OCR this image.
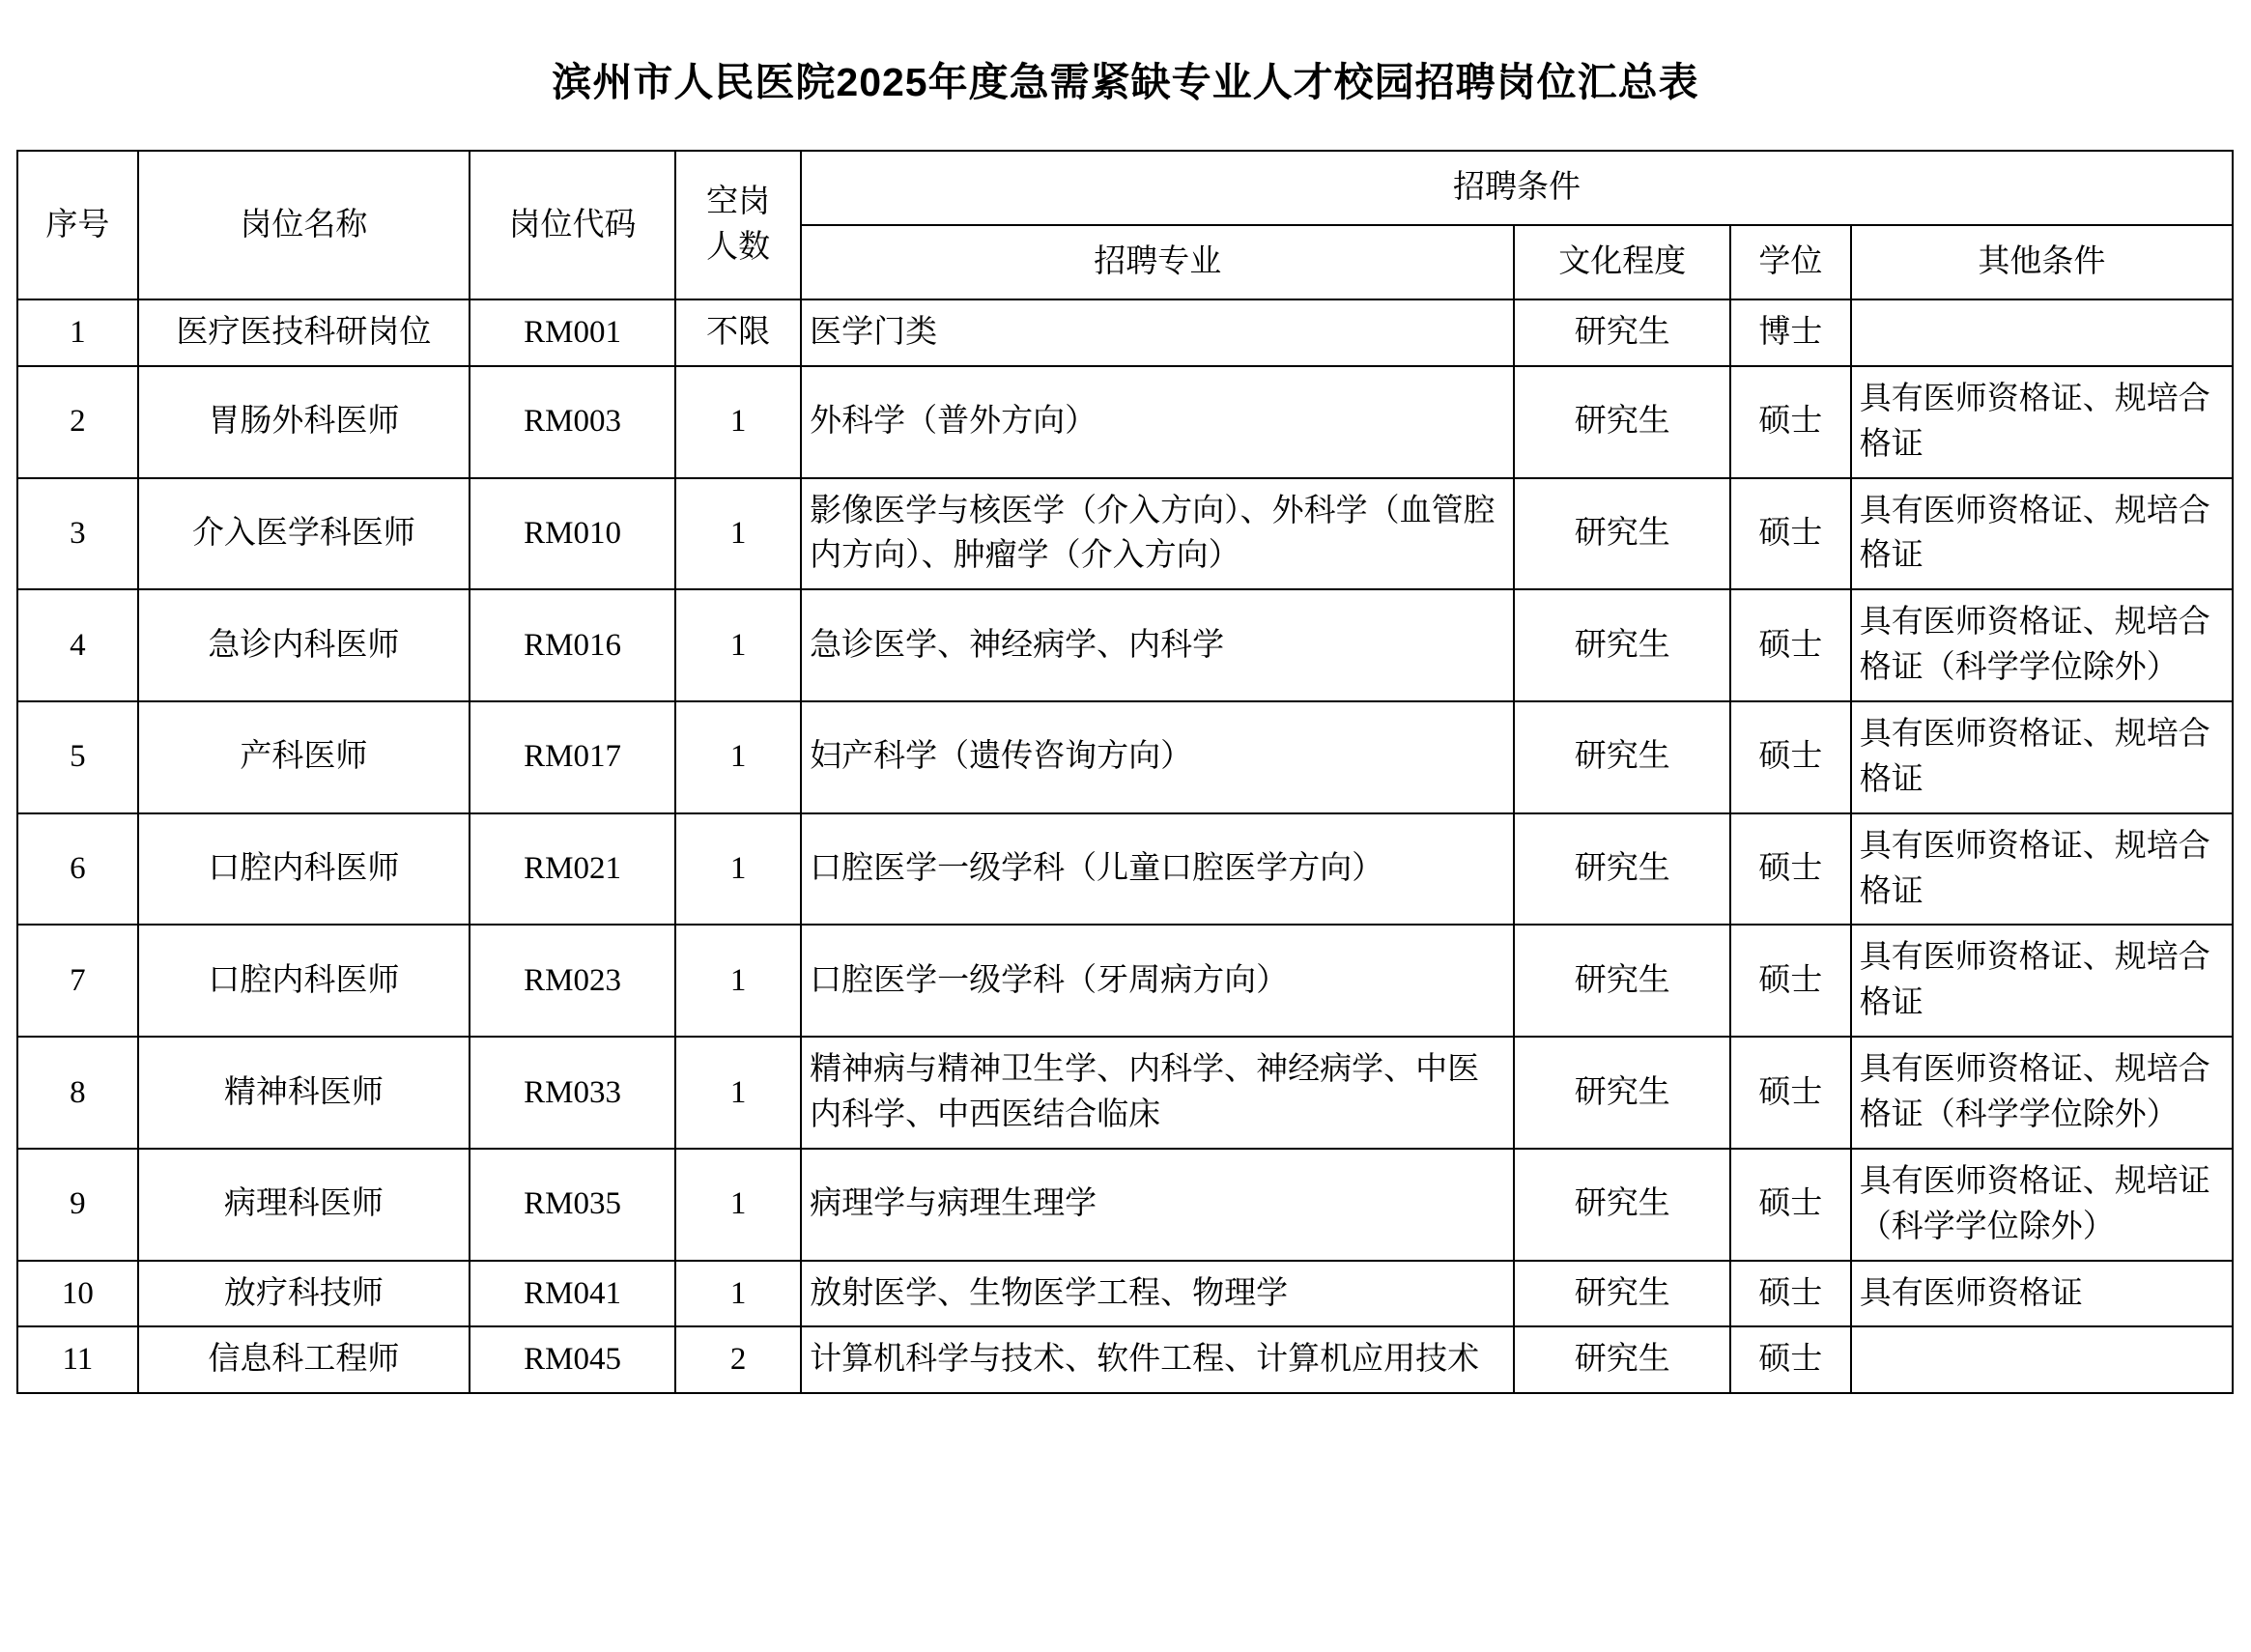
滨州市人民医院2025年度急需紧缺专业人才校园招聘岗位汇总表
序号	岗位名称	岗位代码	空岗
人数	招聘条件			
				招聘专业	文化程度	学位	其他条件
1	医疗医技科研岗位	RM001	不限	医学门类	研究生	博士	
2	胃肠外科医师	RM003	1	外科学（普外方向）	研究生	硕士	具有医师资格证、规培合格证
3	介入医学科医师	RM010	1	影像医学与核医学（介入方向）、外科学（血管腔内方向）、肿瘤学（介入方向）	研究生	硕士	具有医师资格证、规培合格证
4	急诊内科医师	RM016	1	急诊医学、神经病学、内科学	研究生	硕士	具有医师资格证、规培合格证（科学学位除外）
5	产科医师	RM017	1	妇产科学（遗传咨询方向）	研究生	硕士	具有医师资格证、规培合格证
6	口腔内科医师	RM021	1	口腔医学一级学科（儿童口腔医学方向）	研究生	硕士	具有医师资格证、规培合格证
7	口腔内科医师	RM023	1	口腔医学一级学科（牙周病方向）	研究生	硕士	具有医师资格证、规培合格证
8	精神科医师	RM033	1	精神病与精神卫生学、内科学、神经病学、中医内科学、中西医结合临床	研究生	硕士	具有医师资格证、规培合格证（科学学位除外）
9	病理科医师	RM035	1	病理学与病理生理学	研究生	硕士	具有医师资格证、规培证（科学学位除外）
10	放疗科技师	RM041	1	放射医学、生物医学工程、物理学	研究生	硕士	具有医师资格证
11	信息科工程师	RM045	2	计算机科学与技术、软件工程、计算机应用技术	研究生	硕士	
